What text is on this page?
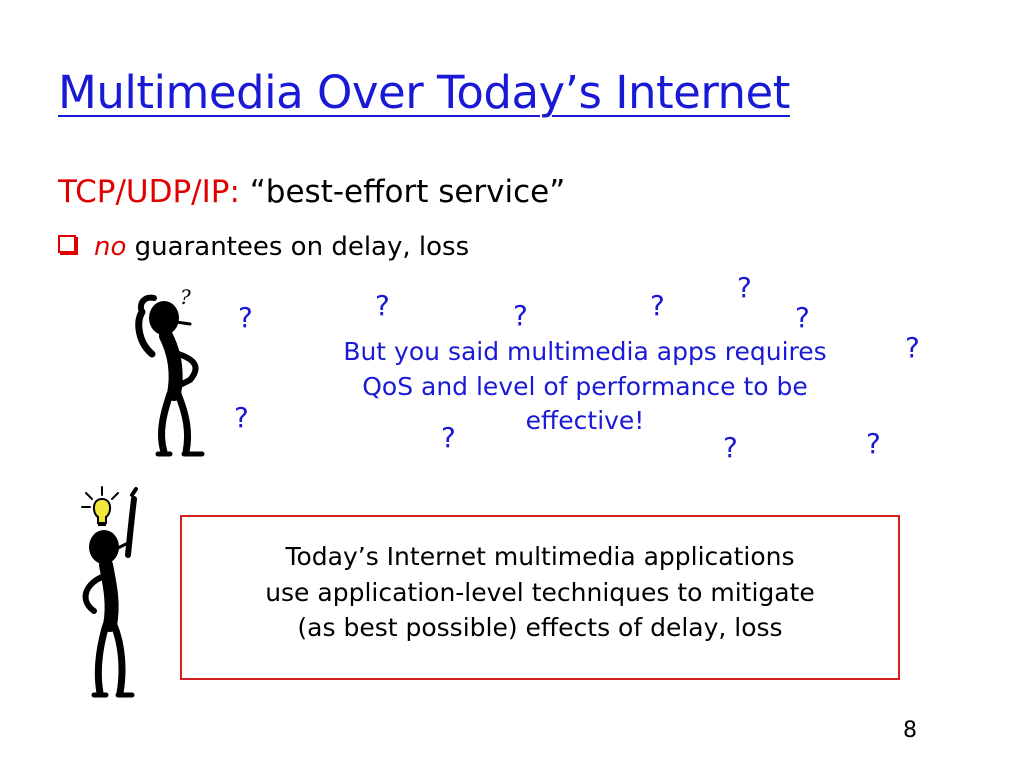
Multimedia Over Today’s Internet
TCP/UDP/IP: “best-effort service”
no guarantees on delay, loss
?
?	?	?	?
?
?
?
?
?	?	?
But you said multimedia apps requires
QoS and level of performance to be
effective!
Today’s Internet multimedia applications
use application-level techniques to mitigate
(as best possible) effects of delay, loss
8
